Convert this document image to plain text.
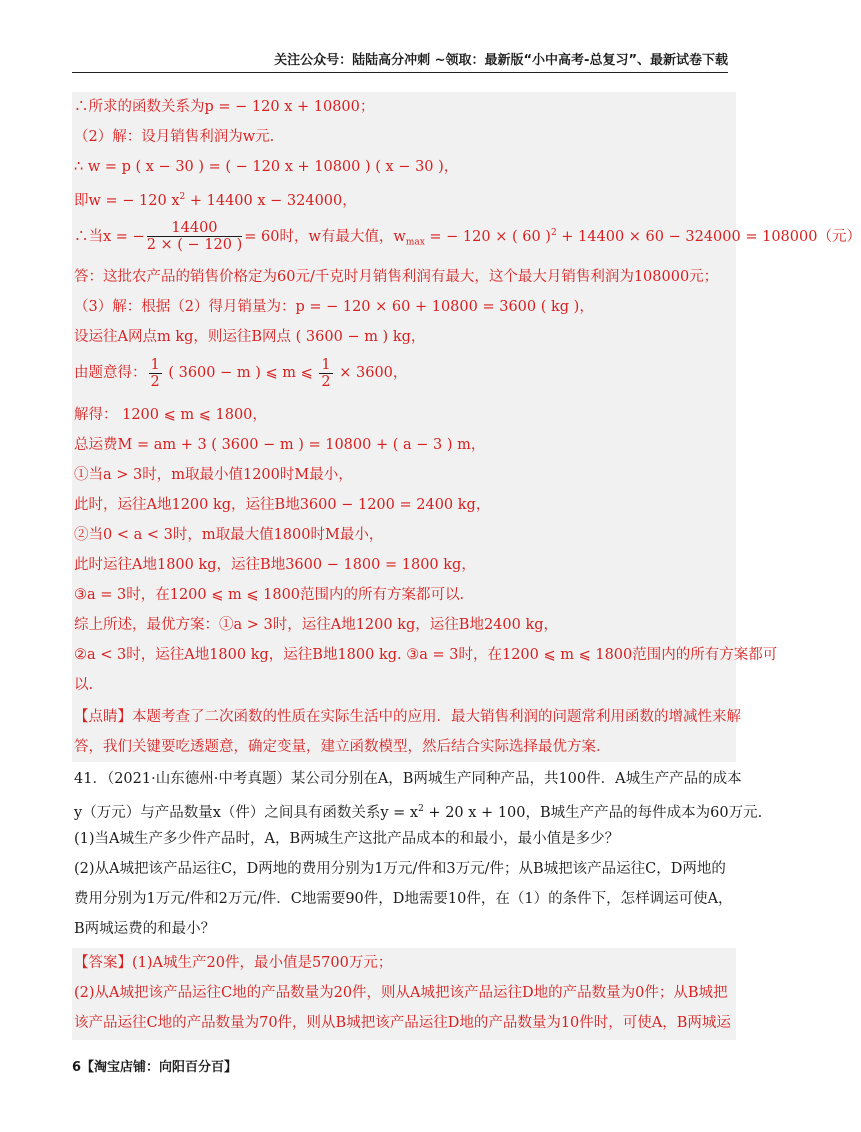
关注公众号：陆陆高分冲刺 ~领取：最新版“小中高考-总复习”、最新试卷下载
∴所求的函数关系为p = − 120 x + 10800；
（2）解：设月销售利润为w元.
∴ w = p ( x − 30 ) = ( − 120 x + 10800 ) ( x − 30 )，
即w = − 120 $x^2 + 14400$ x − 324000，
∴当x = − $\frac{14400}{2 \times ( - 120 )} = 60$时，w有最大值，$w_{max}$ = − 120 × ( 60 )$^2$ + 14400 × 60 − 324000 = 108000（元）
答：这批农产品的销售价格定为60元/千克时月销售利润有最大，这个最大月销售利润为108000元；
（3）解：根据（2）得月销量为：p = − 120 × 60 + 10800 = 3600 ( kg )，
设运往A网点m kg，则运往B网点 ( 3600 − m ) kg，
由题意得： $\frac{1}{2}$ ( 3600 − m ) ⩽ m ⩽ $\frac{1}{2} \times 3600$，
解得： 1200 ⩽ m ⩽ 1800，
总运费M = am + 3 ( 3600 − m ) = 10800 + ( a − 3 ) m，
①当a > 3时，m取最小值1200时M最小，
此时，运往A地1200 kg，运往B地3600 − 1200 = 2400 kg，
②当0 < a < 3时，m取最大值1800时M最小，
此时运往A地1800 kg，运往B地3600 − 1800 = 1800 kg，
③a = 3时，在1200 ⩽ m ⩽ 1800范围内的所有方案都可以.
综上所述，最优方案：①a > 3时，运往A地1200 kg，运往B地2400 kg，
②a < 3时，运往A地1800 kg，运往B地1800 kg. ③a = 3时，在1200 ⩽ m ⩽ 1800范围内的所有方案都可
以.
【点睛】本题考查了二次函数的性质在实际生活中的应用．最大销售利润的问题常利用函数的增减性来解
答，我们关键要吃透题意，确定变量，建立函数模型，然后结合实际选择最优方案．
41．（2021·山东德州·中考真题）某公司分别在A，B两城生产同种产品，共100件．A城生产产品的成本
y（万元）与产品数量x（件）之间具有函数关系$y = x^2 + 20$ x + 100，B城生产产品的每件成本为60万元.
(1)当A城生产多少件产品时，A，B两城生产这批产品成本的和最小，最小值是多少？
(2)从A城把该产品运往C，D两地的费用分别为1万元/件和3万元/件；从B城把该产品运往C，D两地的
费用分别为1万元/件和2万元/件．C地需要90件，D地需要10件，在（1）的条件下，怎样调运可使A，
B两城运费的和最小？
【答案】(1)A城生产20件，最小值是5700万元；
(2)从A城把该产品运往C地的产品数量为20件，则从A城把该产品运往D地的产品数量为0件；从B城把
该产品运往C地的产品数量为70件，则从B城把该产品运往D地的产品数量为10件时，可使A，B两城运
6【淘宝店铺：向阳百分百】
